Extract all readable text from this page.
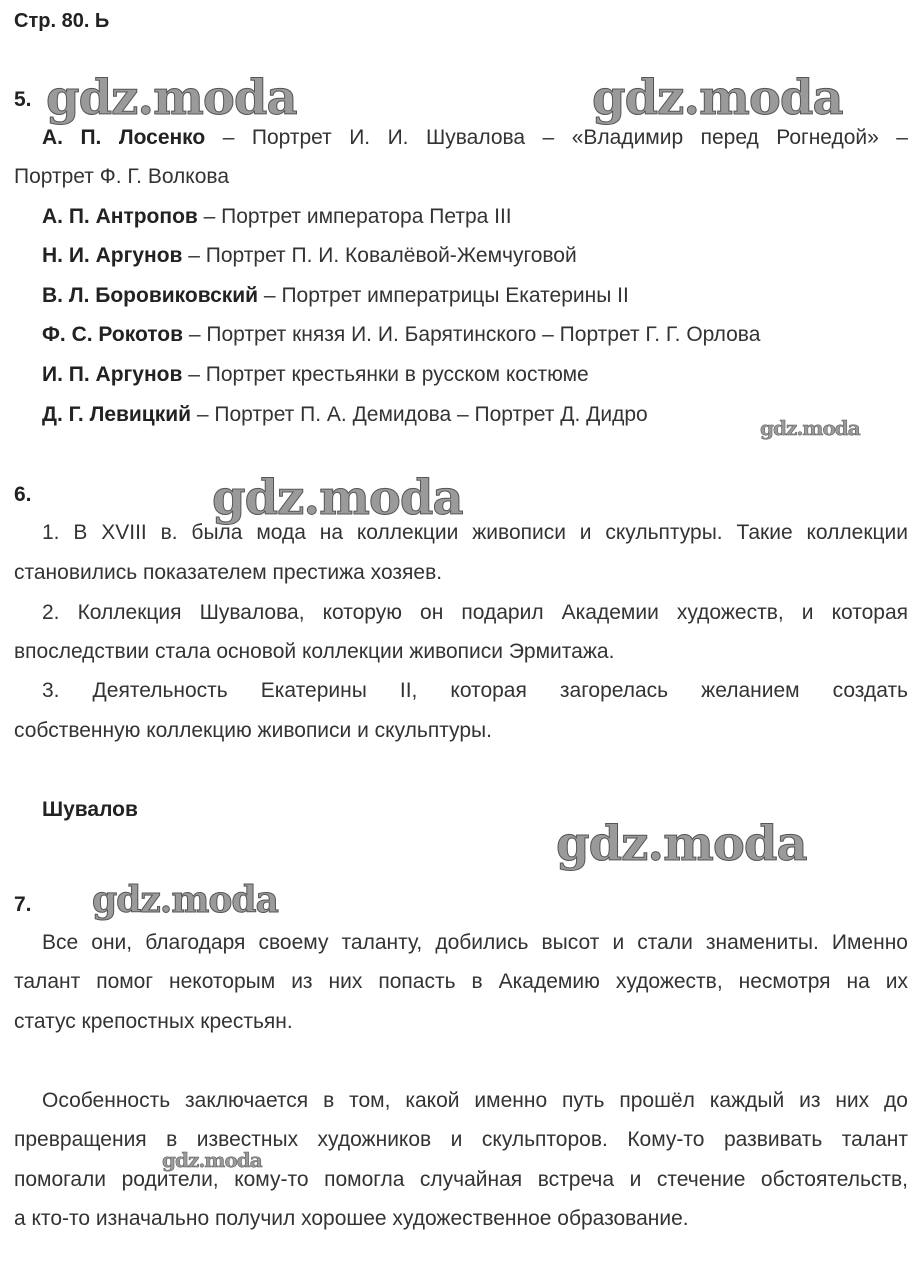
Стр. 80. Ь
gdz.moda	gdz.moda
gdz.moda
gdz.moda
gdz.moda
gdz.moda
gdz.moda
5.
А. П. Лосенко – Портрет И. И. Шувалова – «Владимир перед Рогнедой» –
Портрет Ф. Г. Волкова
А. П. Антропов – Портрет императора Петра III
Н. И. Аргунов – Портрет П. И. Ковалёвой-Жемчуговой
В. Л. Боровиковский – Портрет императрицы Екатерины II
Ф. С. Рокотов – Портрет князя И. И. Барятинского – Портрет Г. Г. Орлова
И. П. Аргунов – Портрет крестьянки в русском костюме
Д. Г. Левицкий – Портрет П. А. Демидова – Портрет Д. Дидро
6.
1. В XVIII в. была мода на коллекции живописи и скульптуры. Такие коллекции
становились показателем престижа хозяев.
2. Коллекция Шувалова, которую он подарил Академии художеств, и которая
впоследствии стала основой коллекции живописи Эрмитажа.
3. Деятельность Екатерины II, которая загорелась желанием создать
собственную коллекцию живописи и скульптуры.
Шувалов
7.
Все они, благодаря своему таланту, добились высот и стали знамениты. Именно
талант помог некоторым из них попасть в Академию художеств, несмотря на их
статус крепостных крестьян.
Особенность заключается в том, какой именно путь прошёл каждый из них до
превращения в известных художников и скульпторов. Кому-то развивать талант
помогали родители, кому-то помогла случайная встреча и стечение обстоятельств,
а кто-то изначально получил хорошее художественное образование.
